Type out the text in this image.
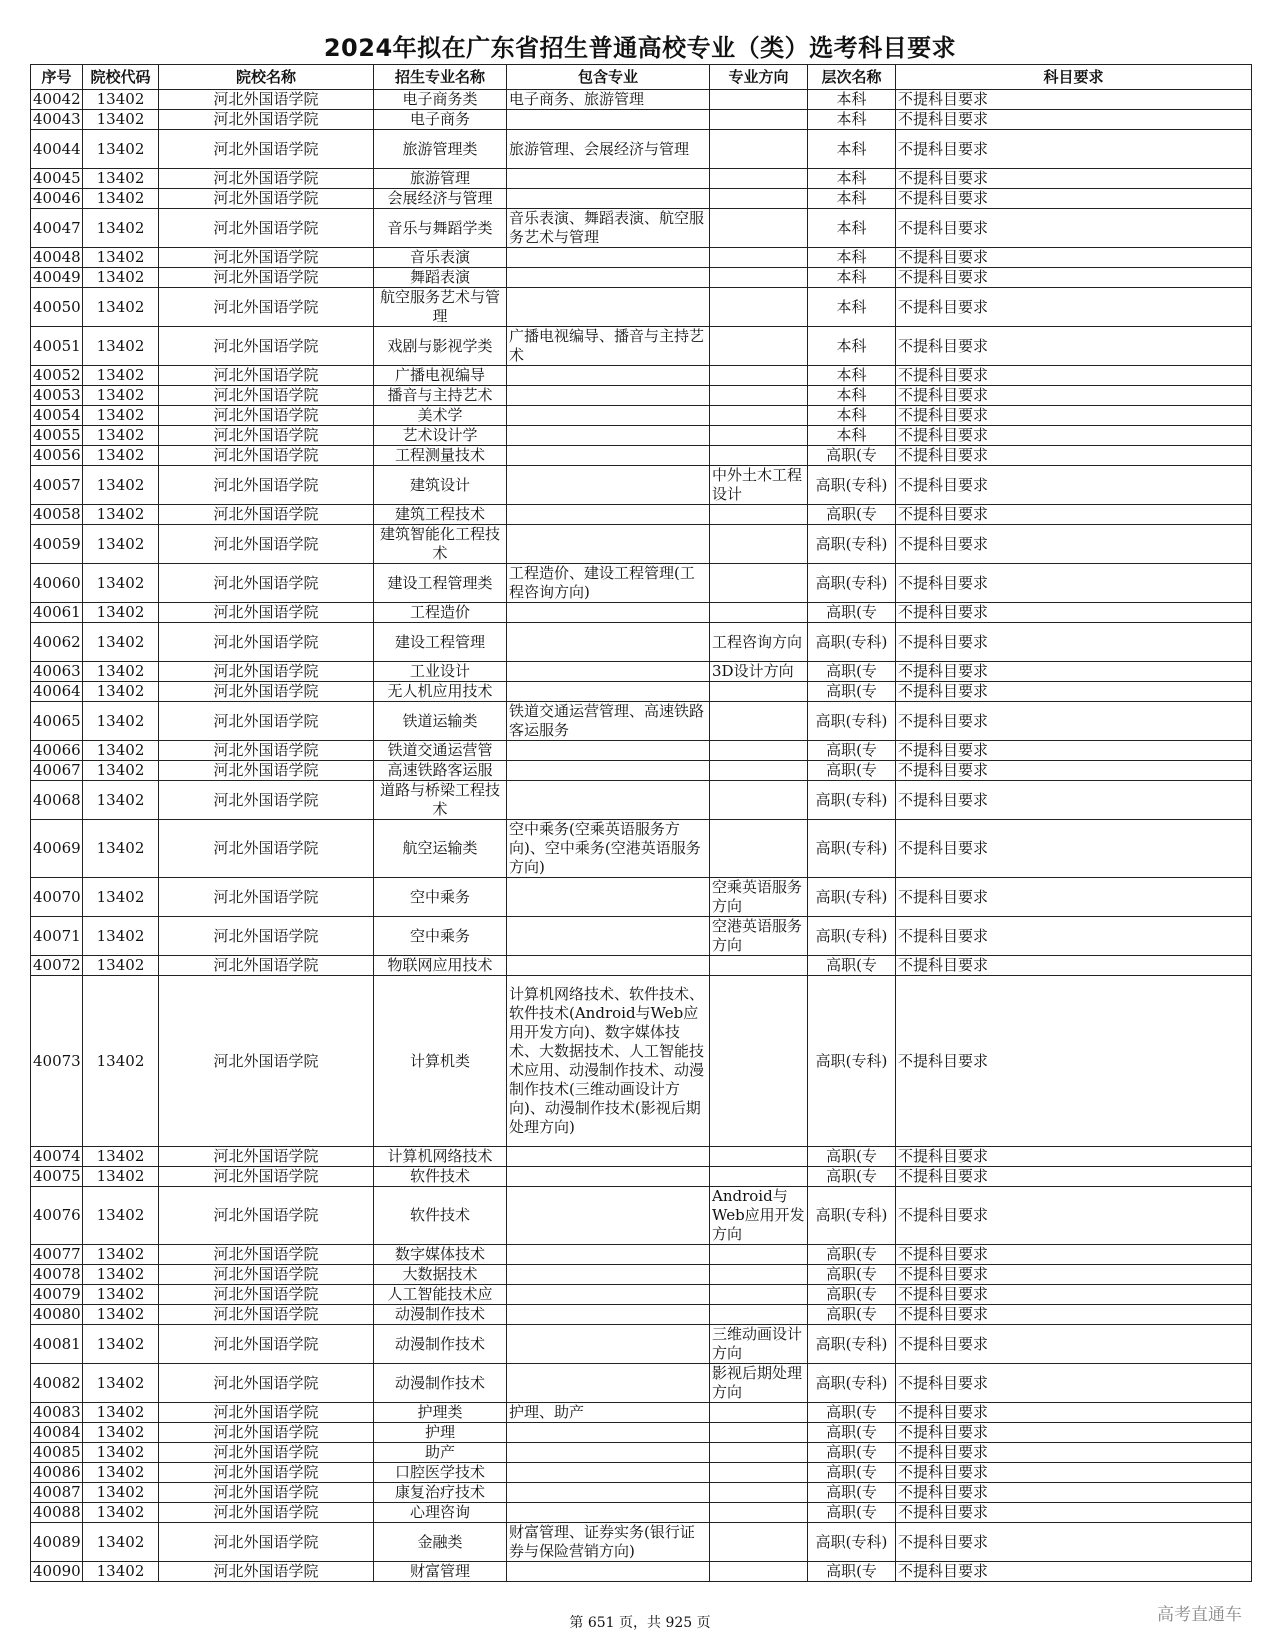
2024年拟在广东省招生普通高校专业（类）选考科目要求
序号	院校代码	院校名称	招生专业名称	包含专业	专业方向	层次名称	科目要求
40042	13402	河北外国语学院	电子商务类	电子商务、旅游管理		本科	不提科目要求
40043	13402	河北外国语学院	电子商务			本科	不提科目要求
40044	13402	河北外国语学院	旅游管理类	旅游管理、会展经济与管理		本科	不提科目要求
40045	13402	河北外国语学院	旅游管理			本科	不提科目要求
40046	13402	河北外国语学院	会展经济与管理			本科	不提科目要求
40047	13402	河北外国语学院	音乐与舞蹈学类	音乐表演、舞蹈表演、航空服务艺术与管理		本科	不提科目要求
40048	13402	河北外国语学院	音乐表演			本科	不提科目要求
40049	13402	河北外国语学院	舞蹈表演			本科	不提科目要求
40050	13402	河北外国语学院	航空服务艺术与管理			本科	不提科目要求
40051	13402	河北外国语学院	戏剧与影视学类	广播电视编导、播音与主持艺术		本科	不提科目要求
40052	13402	河北外国语学院	广播电视编导			本科	不提科目要求
40053	13402	河北外国语学院	播音与主持艺术			本科	不提科目要求
40054	13402	河北外国语学院	美术学			本科	不提科目要求
40055	13402	河北外国语学院	艺术设计学			本科	不提科目要求
40056	13402	河北外国语学院	工程测量技术			高职(专	不提科目要求
40057	13402	河北外国语学院	建筑设计		中外土木工程设计	高职(专科)	不提科目要求
40058	13402	河北外国语学院	建筑工程技术			高职(专	不提科目要求
40059	13402	河北外国语学院	建筑智能化工程技术			高职(专科)	不提科目要求
40060	13402	河北外国语学院	建设工程管理类	工程造价、建设工程管理(工程咨询方向)		高职(专科)	不提科目要求
40061	13402	河北外国语学院	工程造价			高职(专	不提科目要求
40062	13402	河北外国语学院	建设工程管理		工程咨询方向	高职(专科)	不提科目要求
40063	13402	河北外国语学院	工业设计		3D设计方向	高职(专	不提科目要求
40064	13402	河北外国语学院	无人机应用技术			高职(专	不提科目要求
40065	13402	河北外国语学院	铁道运输类	铁道交通运营管理、高速铁路客运服务		高职(专科)	不提科目要求
40066	13402	河北外国语学院	铁道交通运营管			高职(专	不提科目要求
40067	13402	河北外国语学院	高速铁路客运服			高职(专	不提科目要求
40068	13402	河北外国语学院	道路与桥梁工程技术			高职(专科)	不提科目要求
40069	13402	河北外国语学院	航空运输类	空中乘务(空乘英语服务方向)、空中乘务(空港英语服务方向)		高职(专科)	不提科目要求
40070	13402	河北外国语学院	空中乘务		空乘英语服务方向	高职(专科)	不提科目要求
40071	13402	河北外国语学院	空中乘务		空港英语服务方向	高职(专科)	不提科目要求
40072	13402	河北外国语学院	物联网应用技术			高职(专	不提科目要求
40073	13402	河北外国语学院	计算机类	计算机网络技术、软件技术、软件技术(Android与Web应用开发方向)、数字媒体技术、大数据技术、人工智能技术应用、动漫制作技术、动漫制作技术(三维动画设计方向)、动漫制作技术(影视后期处理方向)		高职(专科)	不提科目要求
40074	13402	河北外国语学院	计算机网络技术			高职(专	不提科目要求
40075	13402	河北外国语学院	软件技术			高职(专	不提科目要求
40076	13402	河北外国语学院	软件技术		Android与Web应用开发方向	高职(专科)	不提科目要求
40077	13402	河北外国语学院	数字媒体技术			高职(专	不提科目要求
40078	13402	河北外国语学院	大数据技术			高职(专	不提科目要求
40079	13402	河北外国语学院	人工智能技术应			高职(专	不提科目要求
40080	13402	河北外国语学院	动漫制作技术			高职(专	不提科目要求
40081	13402	河北外国语学院	动漫制作技术		三维动画设计方向	高职(专科)	不提科目要求
40082	13402	河北外国语学院	动漫制作技术		影视后期处理方向	高职(专科)	不提科目要求
40083	13402	河北外国语学院	护理类	护理、助产		高职(专	不提科目要求
40084	13402	河北外国语学院	护理			高职(专	不提科目要求
40085	13402	河北外国语学院	助产			高职(专	不提科目要求
40086	13402	河北外国语学院	口腔医学技术			高职(专	不提科目要求
40087	13402	河北外国语学院	康复治疗技术			高职(专	不提科目要求
40088	13402	河北外国语学院	心理咨询			高职(专	不提科目要求
40089	13402	河北外国语学院	金融类	财富管理、证券实务(银行证券与保险营销方向)		高职(专科)	不提科目要求
40090	13402	河北外国语学院	财富管理			高职(专	不提科目要求
第 651 页，共 925 页	高考直通车
